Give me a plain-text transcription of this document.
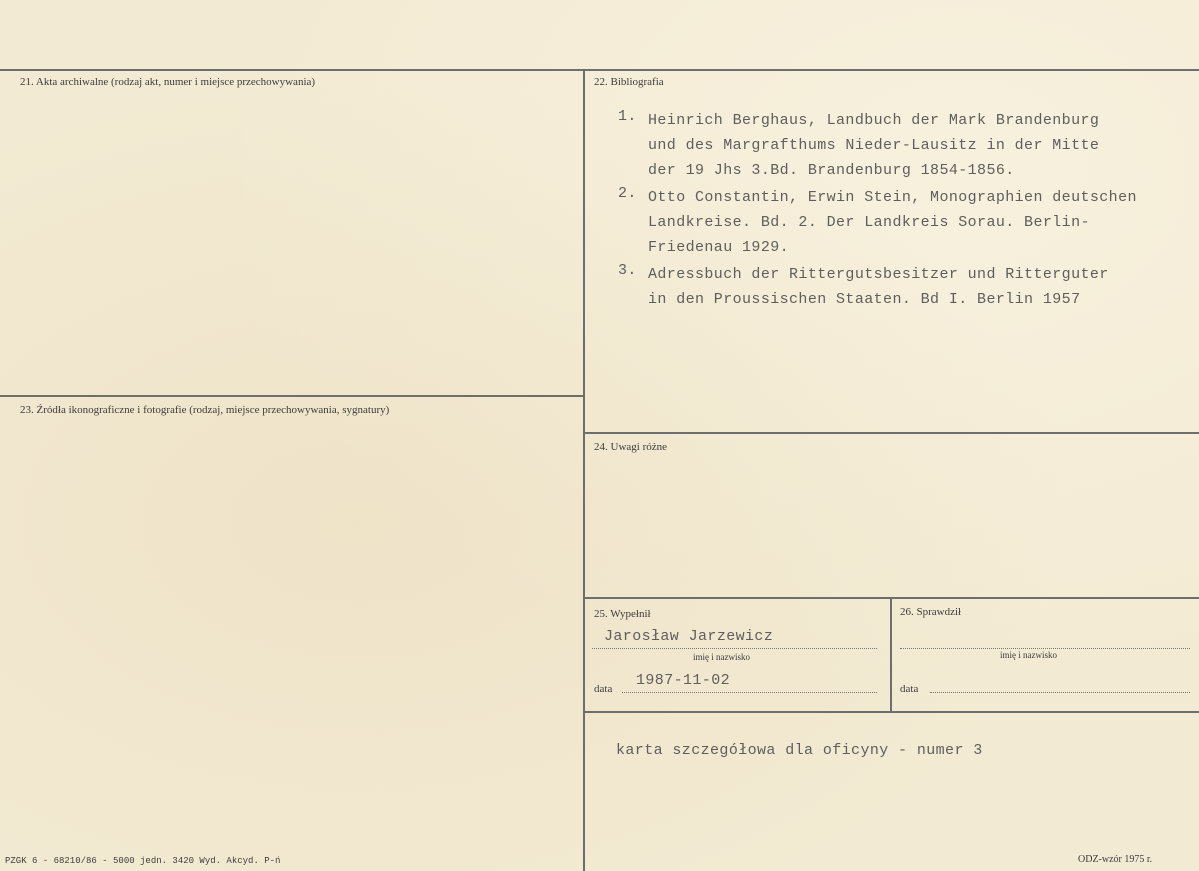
21. Akta archiwalne (rodzaj akt, numer i miejsce przechowywania)	22. Bibliografia
23. Źródła ikonograficzne i fotografie (rodzaj, miejsce przechowywania, sygnatury)
24. Uwagi różne
25. Wypełnił	26. Sprawdził
1. Heinrich Berghaus, Landbuch der Mark Brandenburg
und des Margrafthums Nieder-Lausitz in der Mitte
der 19 Jhs 3.Bd. Brandenburg 1854-1856.
2. Otto Constantin, Erwin Stein, Monographien deutschen
Landkreise. Bd. 2. Der Landkreis Sorau. Berlin-
Friedenau 1929.
3. Adressbuch der Rittergutsbesitzer und Ritterguter
in den Proussischen Staaten. Bd I. Berlin 1957
Jarosław Jarzewicz
imię i nazwisko
data 1987-11-02
imię i nazwisko
data
karta szczegółowa dla oficyny - numer 3
PZGK 6 - 68210/86 - 5000 jedn. 3420 Wyd. Akcyd. P-ń	ODZ-wzór 1975 r.
